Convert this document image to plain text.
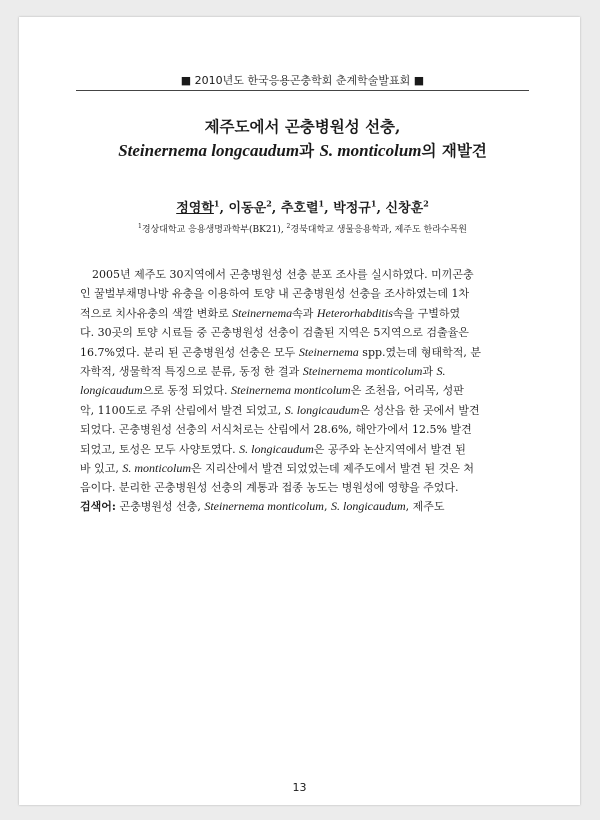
■ 2010년도 한국응용곤충학회 춘계학술발표회 ■
제주도에서 곤충병원성 선충,
Steinernema longcaudum과 S. monticolum의 재발견
정영학$^1$, 이동운$^2$, 추호렬$^1$, 박정규$^1$, 신창훈$^2$
$^1$경상대학교 응용생명과학부(BK21), $^2$경북대학교 생물응용학과, 제주도 한라수목원
2005년 제주도 30지역에서 곤충병원성 선충 분포 조사를 실시하였다. 미끼곤충
인 꿀벌부채명나방 유충을 이용하여 토양 내 곤충병원성 선충을 조사하였는데 1차
적으로 치사유충의 색깔 변화로 Steinernema속과 Heterorhabditis속을 구별하였
다. 30곳의 토양 시료들 중 곤충병원성 선충이 검출된 지역은 5지역으로 검출율은
16.7%였다. 분리 된 곤충병원성 선충은 모두 Steinernema spp.였는데 형태학적, 분
자학적, 생물학적 특징으로 분류, 동정 한 결과 Steinernema monticolum과 S.
longicaudum으로 동정 되었다. Steinernema monticolum은 조천읍, 어리목, 성판
악, 1100도로 주위 산림에서 발견 되었고, S. longicaudum은 성산읍 한 곳에서 발견
되었다. 곤충병원성 선충의 서식처로는 산림에서 28.6%, 해안가에서 12.5% 발견
되었고, 토성은 모두 사양토였다. S. longicaudum은 공주와 논산지역에서 발견 된
바 있고, S. monticolum은 지리산에서 발견 되었었는데 제주도에서 발견 된 것은 처
음이다. 분리한 곤충병원성 선충의 계통과 접종 농도는 병원성에 영향을 주었다.
검색어: 곤충병원성 선충, Steinernema monticolum, S. longicaudum, 제주도
13
